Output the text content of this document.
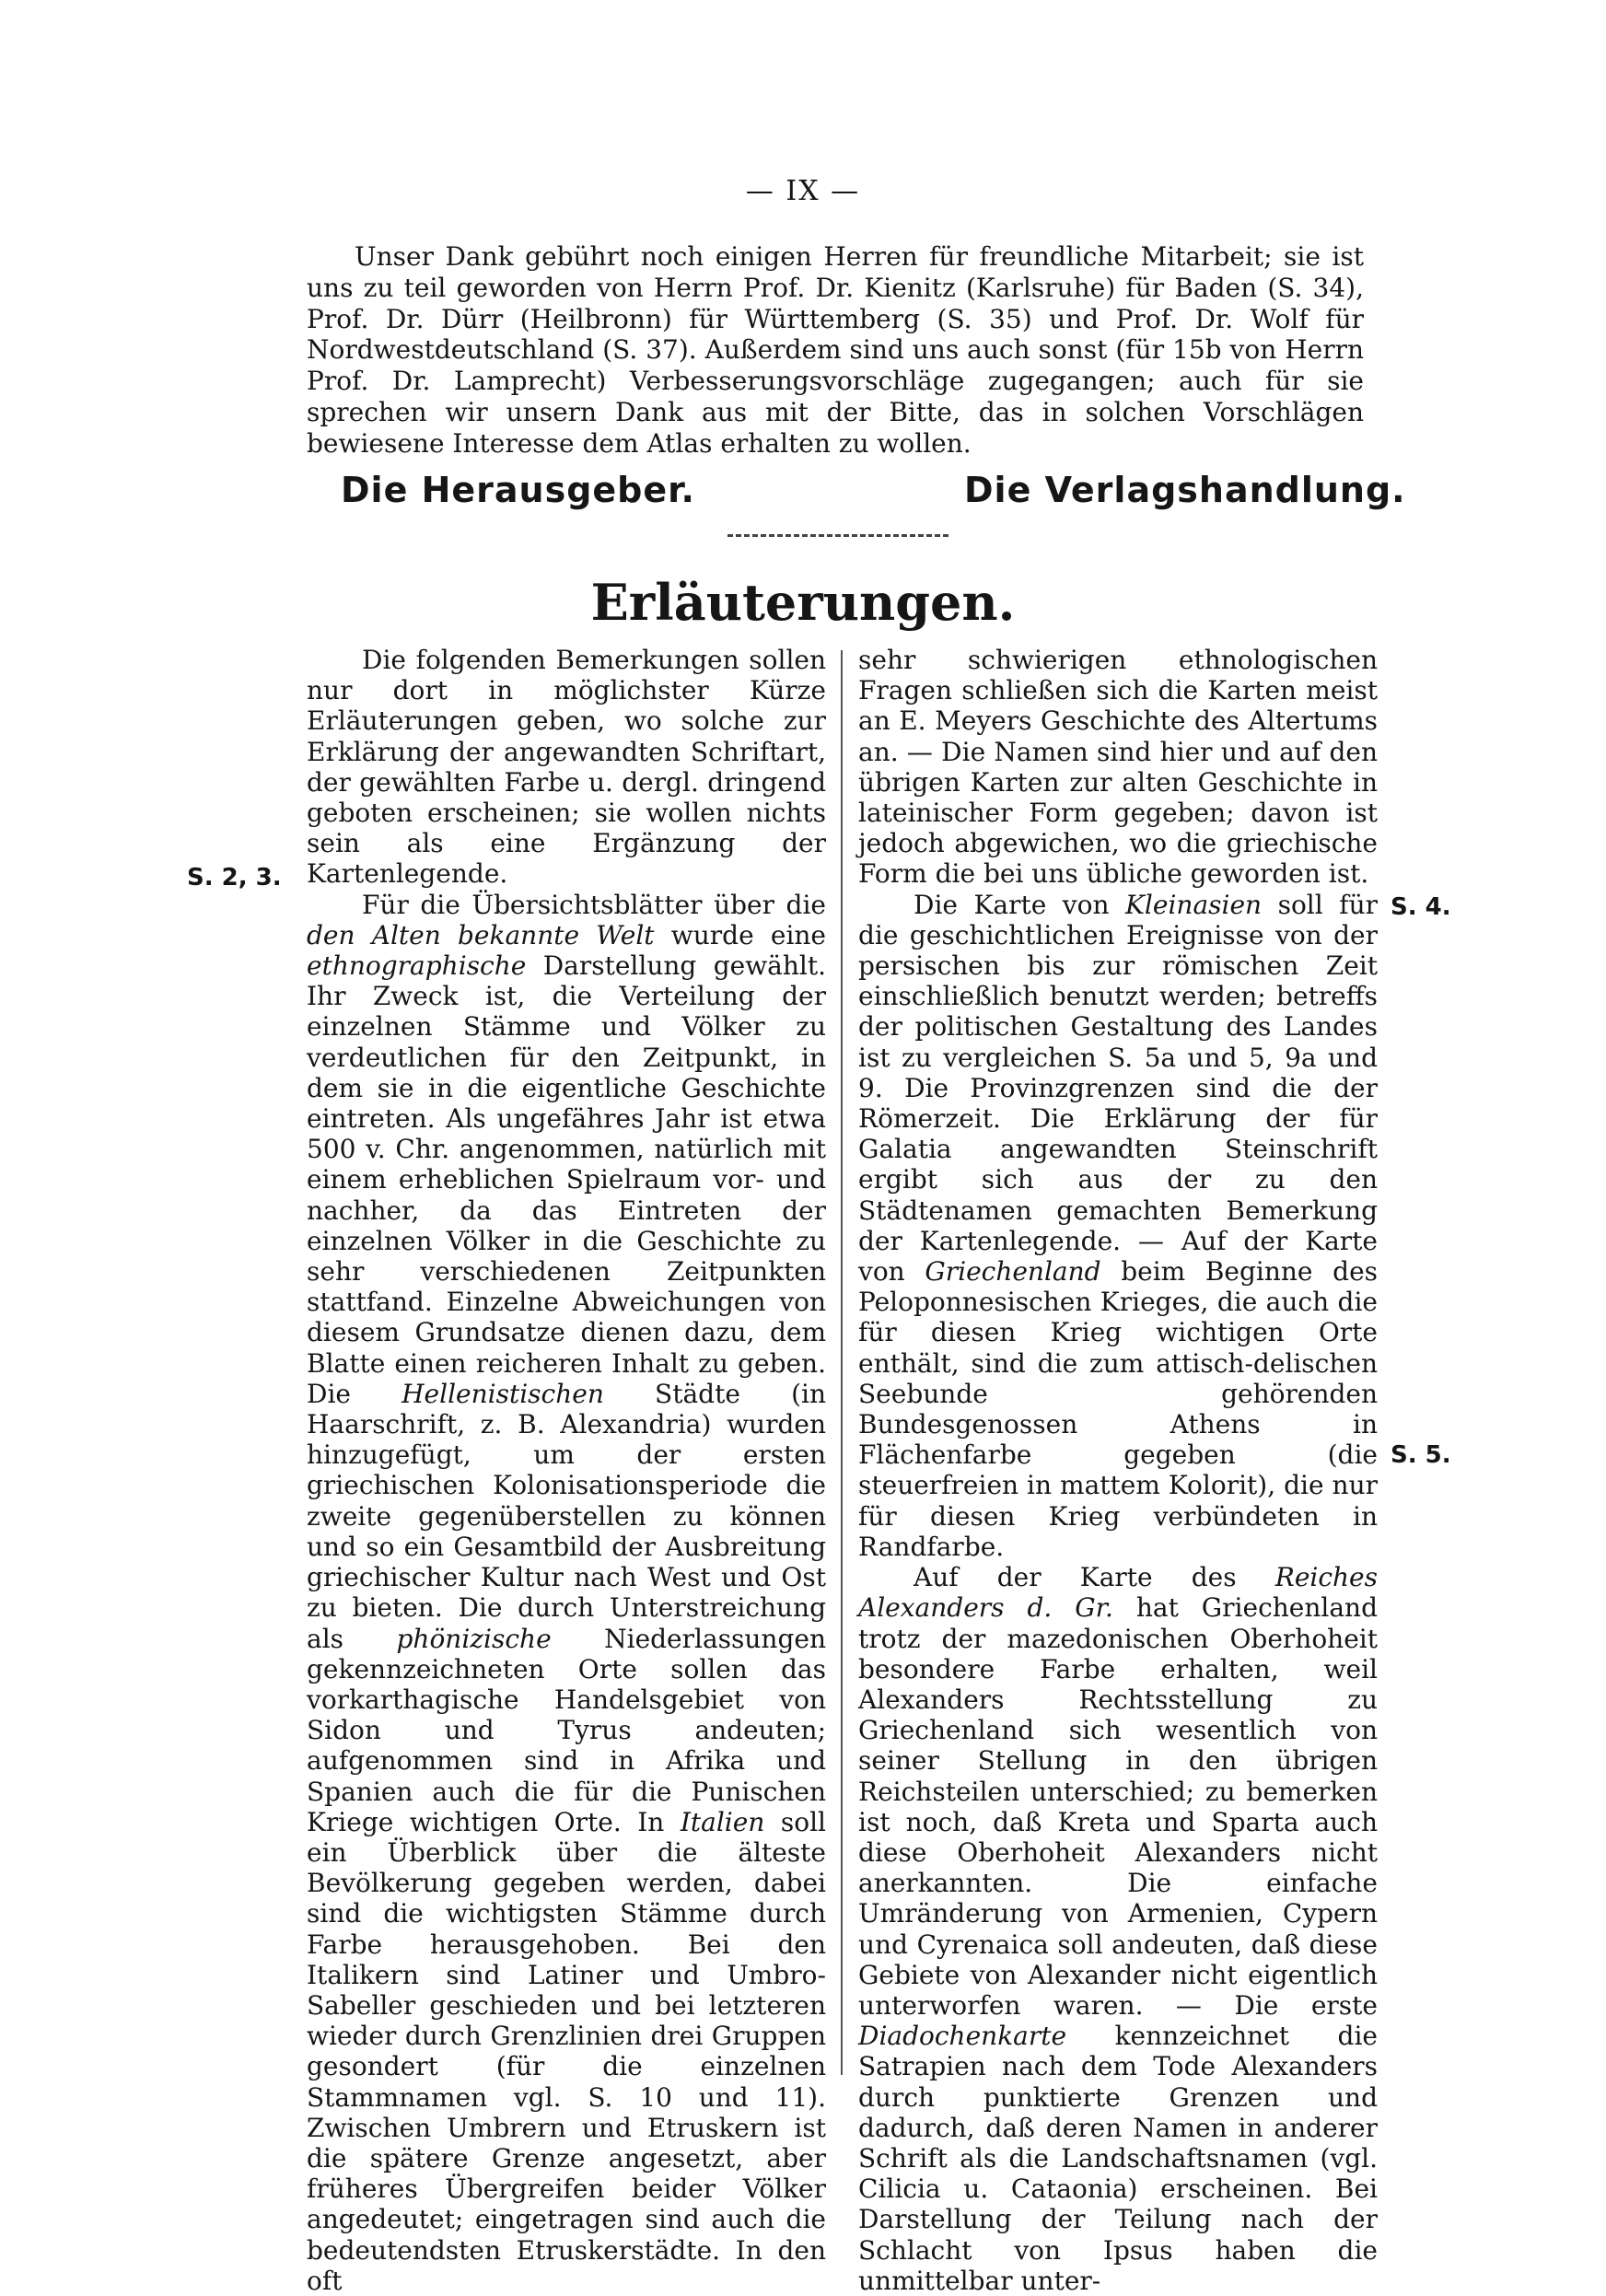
— IX —

Unser Dank gebührt noch einigen Herren für freundliche Mitarbeit; sie ist uns zu teil geworden von Herrn Prof. Dr. Kienitz (Karlsruhe) für Baden (S. 34), Prof. Dr. Dürr (Heilbronn) für Württemberg (S. 35) und Prof. Dr. Wolf für Nordwestdeutschland (S. 37). Außerdem sind uns auch sonst (für 15b von Herrn Prof. Dr. Lamprecht) Verbesserungsvorschläge zugegangen; auch für sie sprechen wir unsern Dank aus mit der Bitte, das in solchen Vorschlägen bewiesene Interesse dem Atlas erhalten zu wollen.

Die Herausgeber.	Die Verlagshandlung.
Erläuterungen.
S. 2, 3.
S. 4.
S. 5.

Die folgenden Bemerkungen sollen nur dort in möglichster Kürze Erläuterungen geben, wo solche zur Erklärung der angewandten Schriftart, der gewählten Farbe u. dergl. dringend geboten erscheinen; sie wollen nichts sein als eine Ergänzung der Kartenlegende.

Für die Übersichtsblätter über die den Alten bekannte Welt wurde eine ethnographische Darstellung gewählt. Ihr Zweck ist, die Verteilung der einzelnen Stämme und Völker zu verdeutlichen für den Zeitpunkt, in dem sie in die eigentliche Geschichte eintreten. Als ungefähres Jahr ist etwa 500 v. Chr. angenommen, natürlich mit einem erheblichen Spielraum vor- und nachher, da das Eintreten der einzelnen Völker in die Geschichte zu sehr verschiedenen Zeitpunkten stattfand. Einzelne Abweichungen von diesem Grundsatze dienen dazu, dem Blatte einen reicheren Inhalt zu geben. Die Hellenistischen Städte (in Haarschrift, z. B. Alexandria) wurden hinzugefügt, um der ersten griechischen Kolonisationsperiode die zweite gegenüberstellen zu können und so ein Gesamtbild der Ausbreitung griechischer Kultur nach West und Ost zu bieten. Die durch Unterstreichung als phönizische Niederlassungen gekennzeichneten Orte sollen das vorkarthagische Handelsgebiet von Sidon und Tyrus andeuten; aufgenommen sind in Afrika und Spanien auch die für die Punischen Kriege wichtigen Orte. In Italien soll ein Überblick über die älteste Bevölkerung gegeben werden, dabei sind die wichtigsten Stämme durch Farbe herausgehoben. Bei den Italikern sind Latiner und Umbro-Sabeller geschieden und bei letzteren wieder durch Grenzlinien drei Gruppen gesondert (für die einzelnen Stammnamen vgl. S. 10 und 11). Zwischen Umbrern und Etruskern ist die spätere Grenze angesetzt, aber früheres Übergreifen beider Völker angedeutet; eingetragen sind auch die bedeutendsten Etruskerstädte. In den oft

sehr schwierigen ethnologischen Fragen schließen sich die Karten meist an E. Meyers Geschichte des Altertums an. — Die Namen sind hier und auf den übrigen Karten zur alten Geschichte in lateinischer Form gegeben; davon ist jedoch abgewichen, wo die griechische Form die bei uns übliche geworden ist.

Die Karte von Kleinasien soll für die geschichtlichen Ereignisse von der persischen bis zur römischen Zeit einschließlich benutzt werden; betreffs der politischen Gestaltung des Landes ist zu vergleichen S. 5a und 5, 9a und 9. Die Provinzgrenzen sind die der Römerzeit. Die Erklärung der für Galatia angewandten Steinschrift ergibt sich aus der zu den Städtenamen gemachten Bemerkung der Kartenlegende. — Auf der Karte von Griechenland beim Beginne des Peloponnesischen Krieges, die auch die für diesen Krieg wichtigen Orte enthält, sind die zum attisch-delischen Seebunde gehörenden Bundesgenossen Athens in Flächenfarbe gegeben (die steuerfreien in mattem Kolorit), die nur für diesen Krieg verbündeten in Randfarbe.

Auf der Karte des Reiches Alexanders d. Gr. hat Griechenland trotz der mazedonischen Oberhoheit besondere Farbe erhalten, weil Alexanders Rechtsstellung zu Griechenland sich wesentlich von seiner Stellung in den übrigen Reichsteilen unterschied; zu bemerken ist noch, daß Kreta und Sparta auch diese Oberhoheit Alexanders nicht anerkannten. Die einfache Umränderung von Armenien, Cypern und Cyrenaica soll andeuten, daß diese Gebiete von Alexander nicht eigentlich unterworfen waren. — Die erste Diadochenkarte kennzeichnet die Satrapien nach dem Tode Alexanders durch punktierte Grenzen und dadurch, daß deren Namen in anderer Schrift als die Landschaftsnamen (vgl. Cilicia u. Cataonia) erscheinen. Bei Darstellung der Teilung nach der Schlacht von Ipsus haben die unmittelbar unter-
